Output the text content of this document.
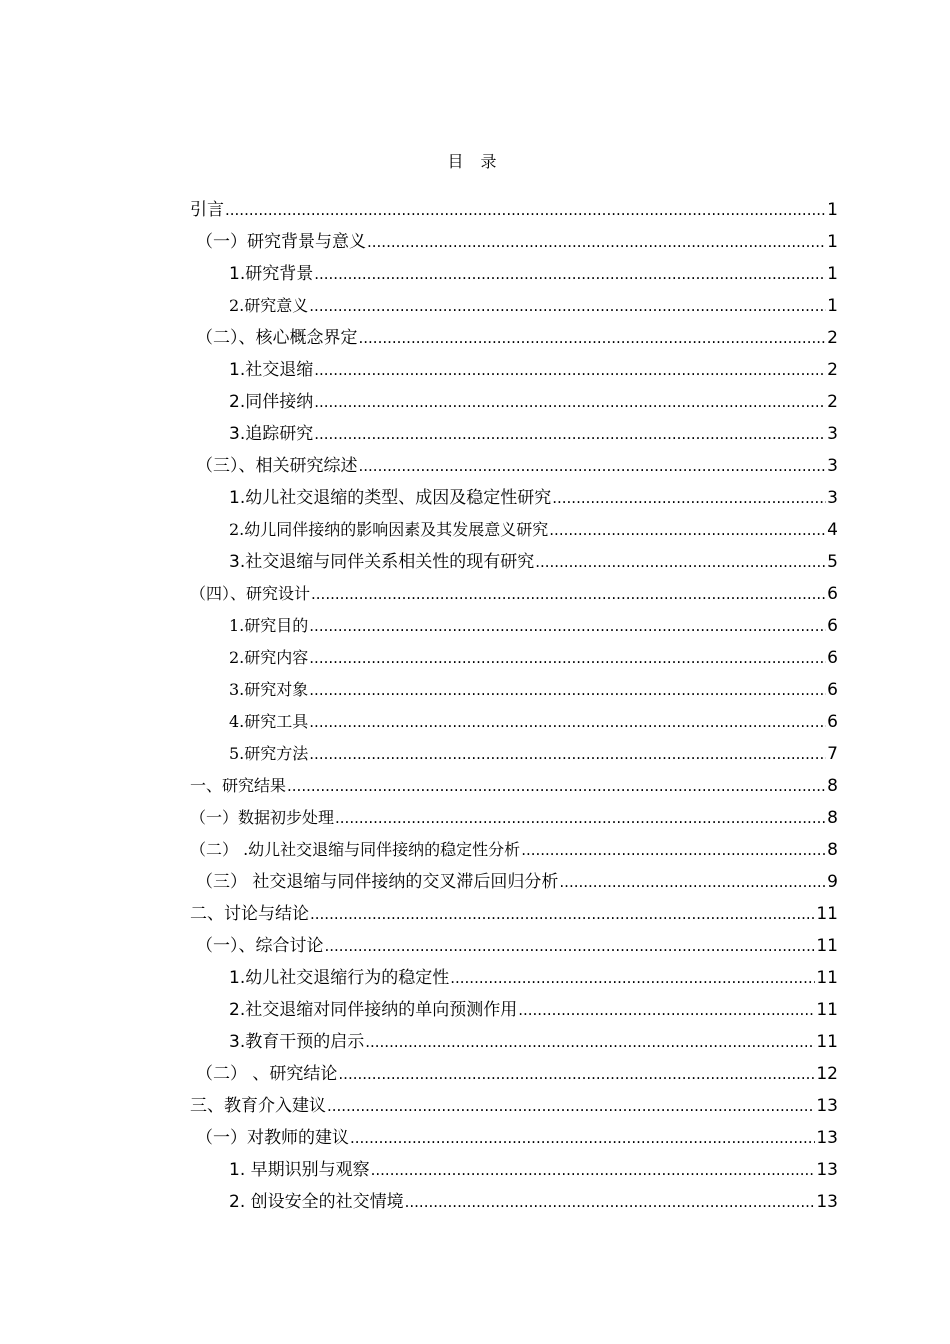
目 录
引言 .....	1
（一）研究背景与意义 .....	1
1.研究背景 .....	1
2.研究意义 .....	1
（二）、核心概念界定 .....	2
1.社交退缩 .....	2
2.同伴接纳 .....	2
3.追踪研究 .....	3
（三）、相关研究综述 .....	3
1.幼儿社交退缩的类型、成因及稳定性研究 .....	3
2.幼儿同伴接纳的影响因素及其发展意义研究 .....	4
3.社交退缩与同伴关系相关性的现有研究 .....	5
（四）、研究设计 .....	6
1.研究目的 .....	6
2.研究内容 .....	6
3.研究对象 .....	6
4.研究工具 .....	6
5.研究方法 .....	7
一、研究结果 .....	8
（一）数据初步处理 .....	8
（二） .幼儿社交退缩与同伴接纳的稳定性分析 .....	8
（三） 社交退缩与同伴接纳的交叉滞后回归分析 .....	9
二、讨论与结论 .....	11
（一）、综合讨论 .....	11
1.幼儿社交退缩行为的稳定性 .....	11
2.社交退缩对同伴接纳的单向预测作用 .....	11
3.教育干预的启示 .....	11
（二） 、研究结论 .....	12
三、教育介入建议 .....	13
（一）对教师的建议 .....	13
1. 早期识别与观察 .....	13
2. 创设安全的社交情境 .....	13
